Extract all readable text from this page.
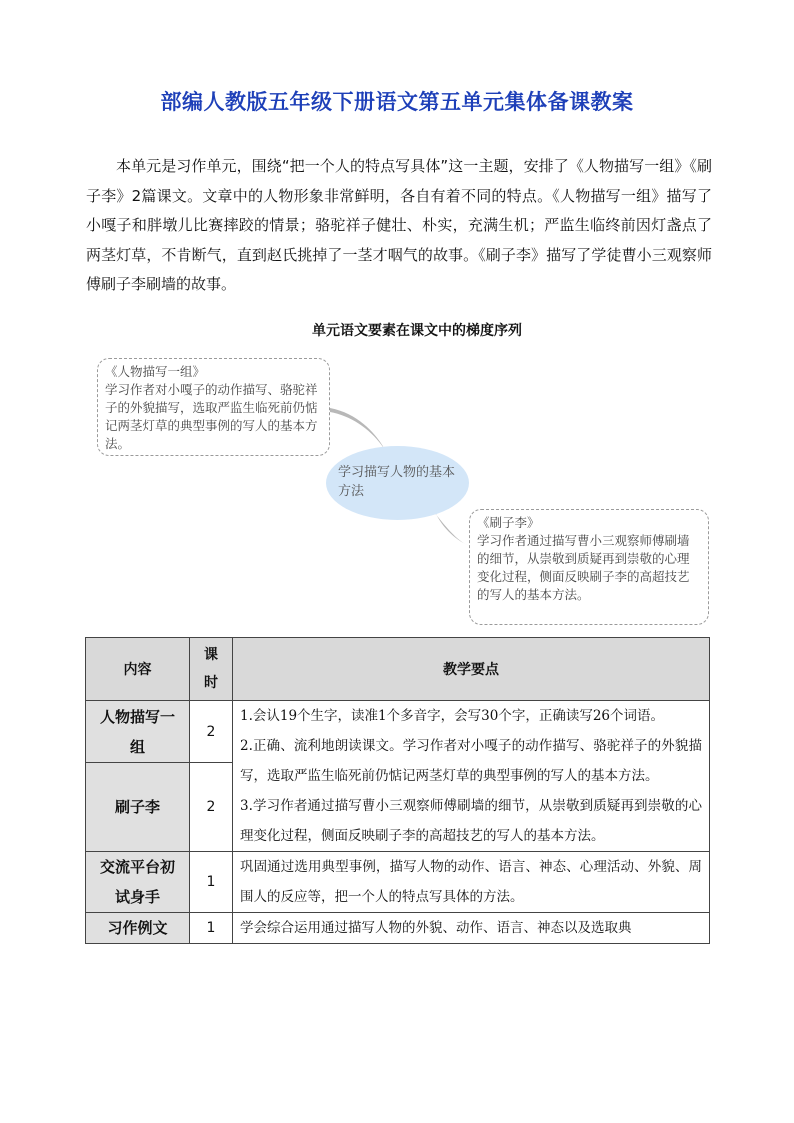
部编人教版五年级下册语文第五单元集体备课教案

本单元是习作单元，围绕“把一个人的特点写具体”这一主题，安排了《人物描写一组》《刷子李》2篇课文。文章中的人物形象非常鲜明，各自有着不同的特点。《人物描写一组》描写了小嘎子和胖墩儿比赛摔跤的情景；骆驼祥子健壮、朴实，充满生机；严监生临终前因灯盏点了两茎灯草，不肯断气，直到赵氏挑掉了一茎才咽气的故事。《刷子李》描写了学徒曹小三观察师傅刷子李刷墙的故事。

单元语文要素在课文中的梯度序列
《人物描写一组》
学习作者对小嘎子的动作描写、骆驼祥子的外貌描写，选取严监生临死前仍惦记两茎灯草的典型事例的写人的基本方法。
学习描写人物的基本方法
《刷子李》
学习作者通过描写曹小三观察师傅刷墙的细节，从崇敬到质疑再到崇敬的心理变化过程，侧面反映刷子李的高超技艺的写人的基本方法。
内容	课时	教学要点
人物描写一组	2	1.会认19个生字，读准1个多音字，会写30个字，正确读写26个词语。
2.正确、流利地朗读课文。学习作者对小嘎子的动作描写、骆驼祥子的外貌描写，选取严监生临死前仍惦记两茎灯草的典型事例的写人的基本方法。
3.学习作者通过描写曹小三观察师傅刷墙的细节，从崇敬到质疑再到崇敬的心理变化过程，侧面反映刷子李的高超技艺的写人的基本方法。

刷子李	2	
交流平台初试身手	1	巩固通过选用典型事例，描写人物的动作、语言、神态、心理活动、外貌、周围人的反应等，把一个人的特点写具体的方法。
习作例文	1	学会综合运用通过描写人物的外貌、动作、语言、神态以及选取典
